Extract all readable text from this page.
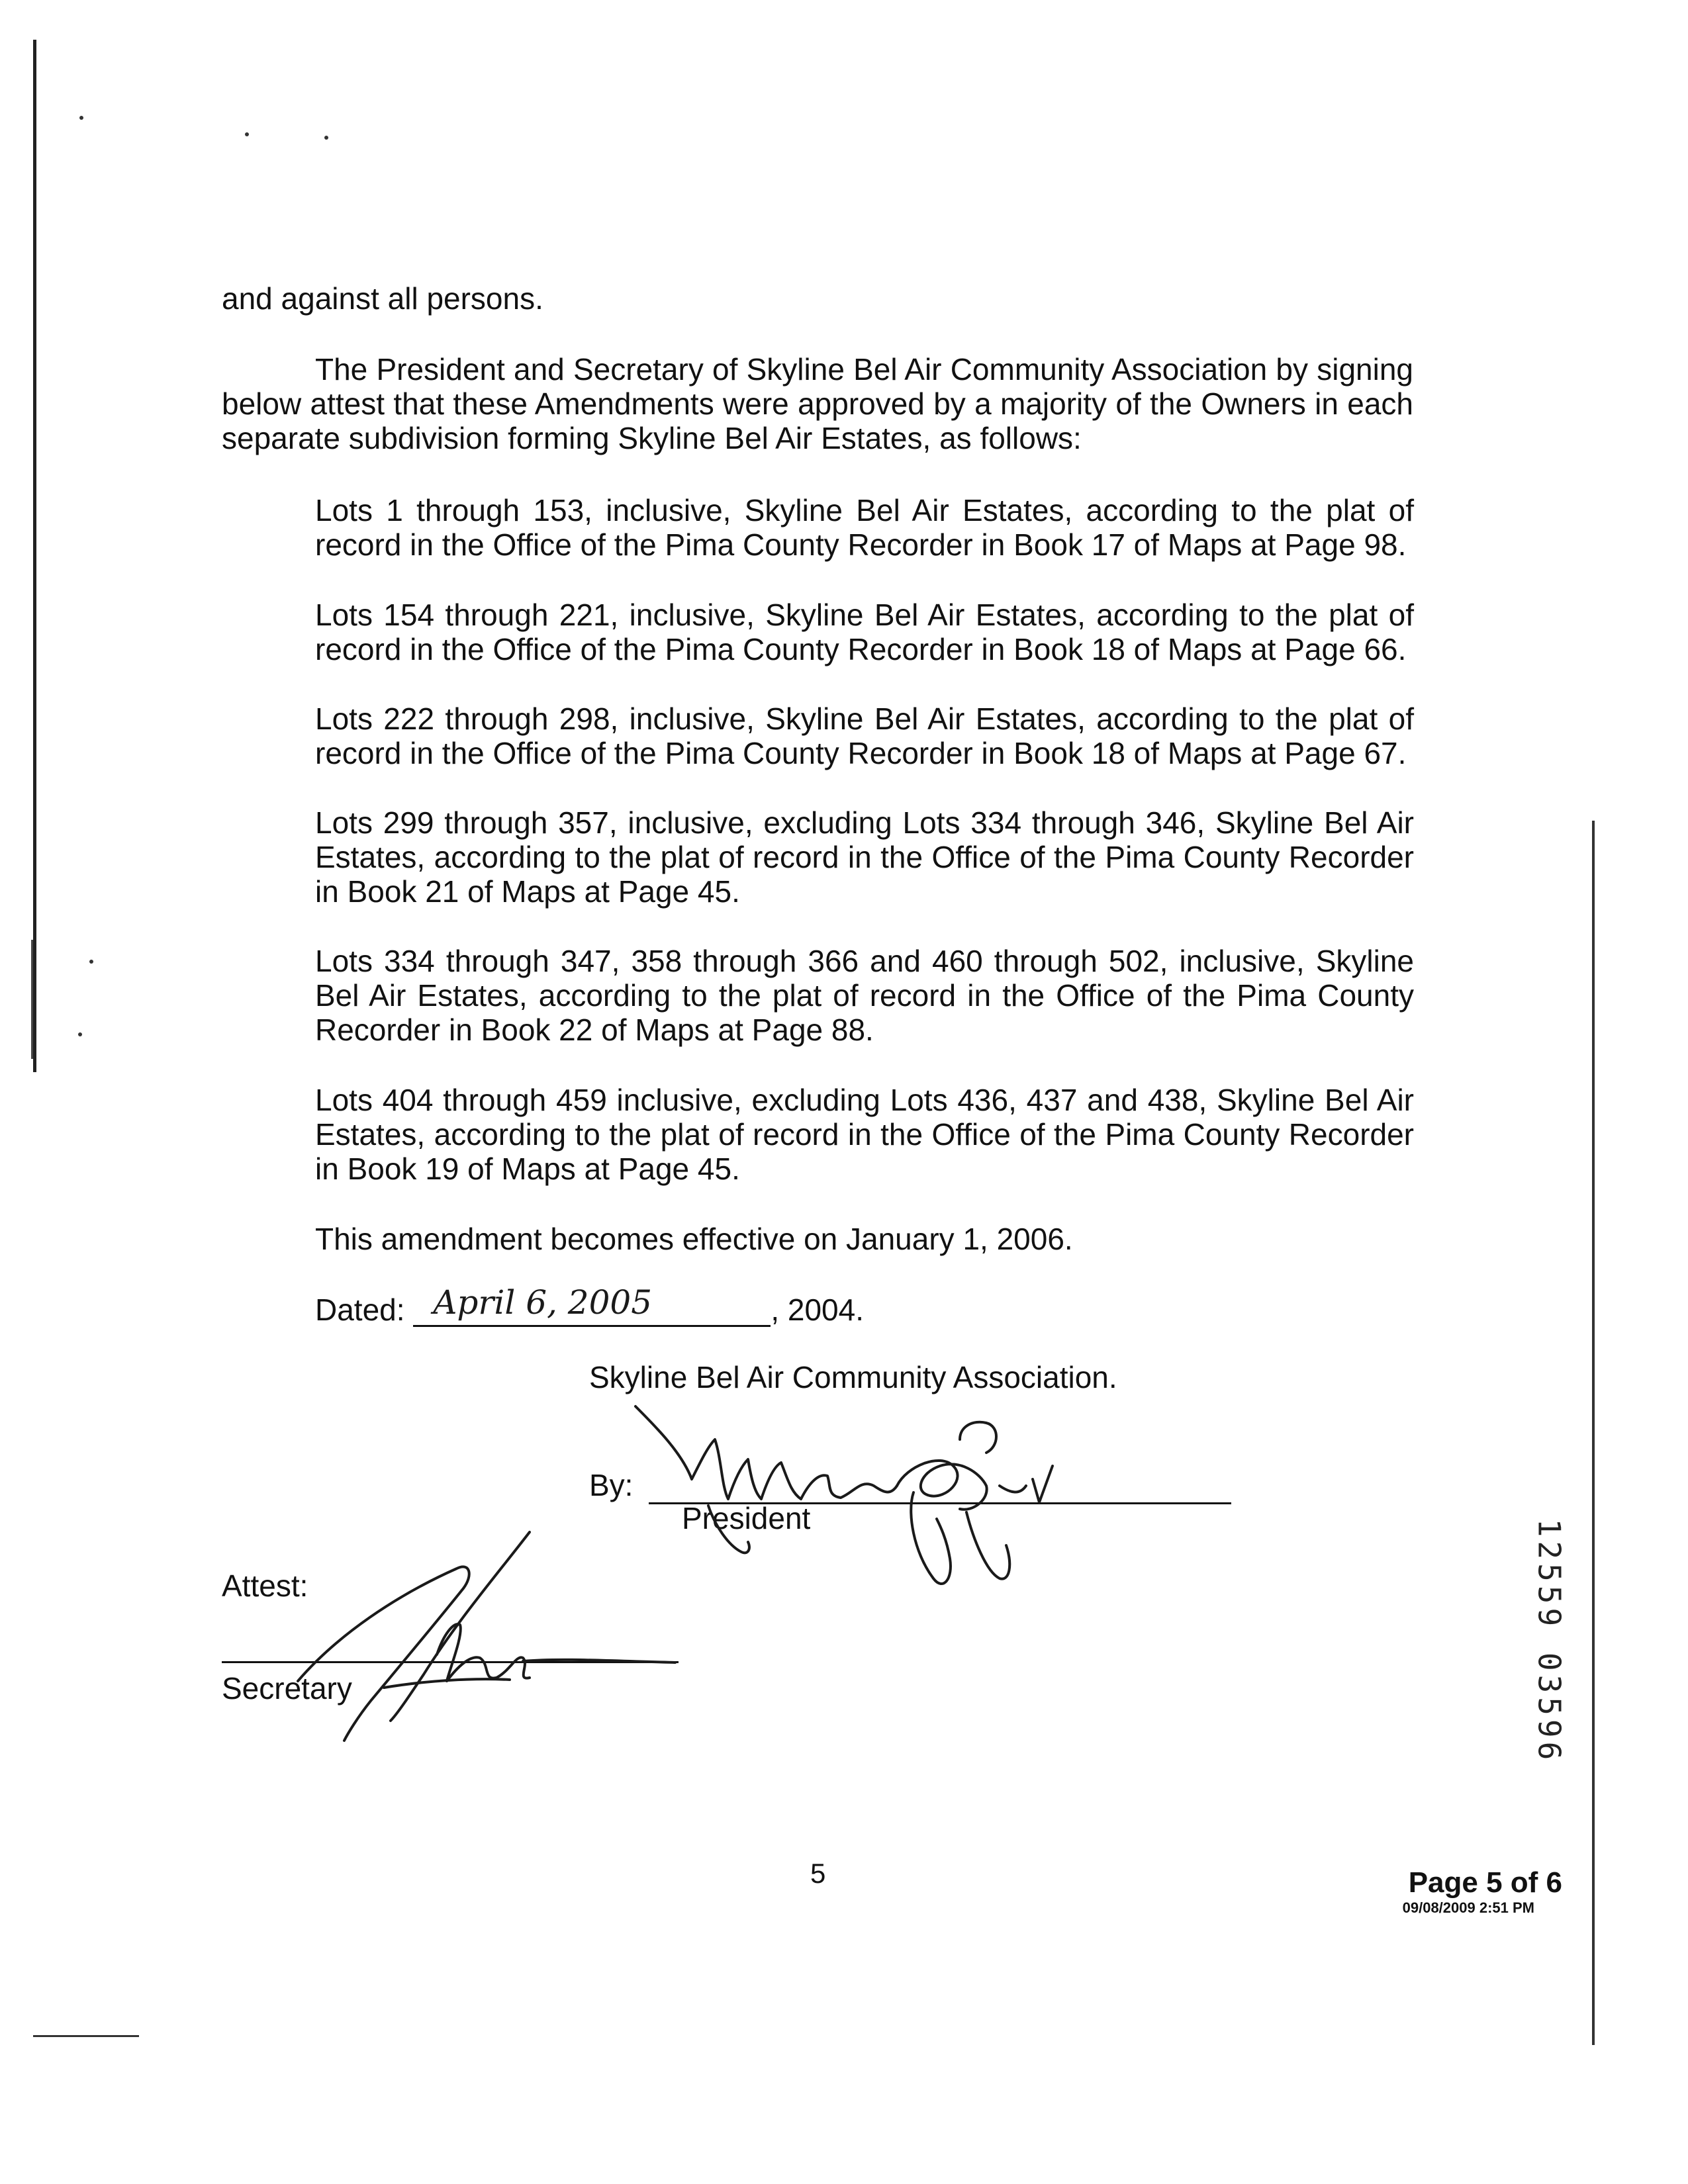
and against all persons.
The President and Secretary of Skyline Bel Air Community Association by signing below attest that these Amendments were approved by a majority of the Owners in each separate subdivision forming Skyline Bel Air Estates, as follows:
Lots 1 through 153, inclusive, Skyline Bel Air Estates, according to the plat of record in the Office of the Pima County Recorder in Book 17 of Maps at Page 98.
Lots 154 through 221, inclusive, Skyline Bel Air Estates, according to the plat of record in the Office of the Pima County Recorder in Book 18 of Maps at Page 66.
Lots 222 through 298, inclusive, Skyline Bel Air Estates, according to the plat of record in the Office of the Pima County Recorder in Book 18 of Maps at Page 67.
Lots 299 through 357, inclusive, excluding Lots 334 through 346, Skyline Bel Air Estates, according to the plat of record in the Office of the Pima County Recorder in Book 21 of Maps at Page 45.
Lots 334 through 347, 358 through 366 and 460 through 502, inclusive, Skyline Bel Air Estates, according to the plat of record in the Office of the Pima County Recorder in Book 22 of Maps at Page 88.
Lots 404 through 459 inclusive, excluding Lots 436, 437 and 438, Skyline Bel Air Estates, according to the plat of record in the Office of the Pima County Recorder in Book 19 of Maps at Page 45.
This amendment becomes effective on January 1, 2006.
Dated: April 6, 2005	, 2004.
Skyline Bel Air Community Association.
By:
President
Attest:
Secretary	12559 03596
5	Page 5 of 6
09/08/2009 2:51 PM
